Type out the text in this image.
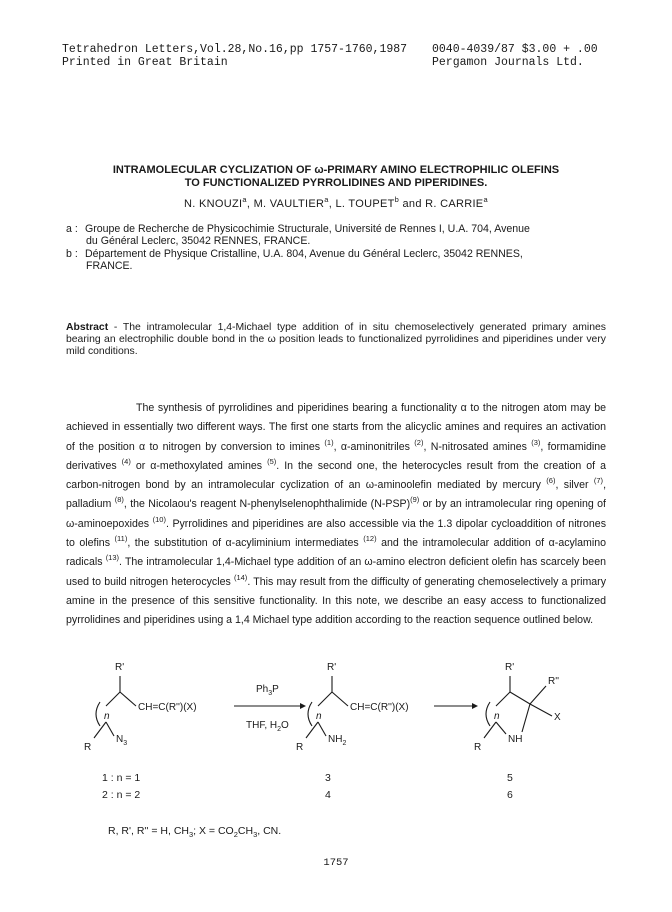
Tetrahedron Letters,Vol.28,No.16,pp 1757-1760,1987 0040-4039/87 $3.00 + .00
Printed in Great Britain	Pergamon Journals Ltd.
INTRAMOLECULAR CYCLIZATION OF ω-PRIMARY AMINO ELECTROPHILIC OLEFINS
TO FUNCTIONALIZED PYRROLIDINES AND PIPERIDINES.
N. KNOUZI$^a$, M. VAULTIER$^a$, L. TOUPET$^b$ and R. CARRIE$^a$
a : Groupe de Recherche de Physicochimie Structurale, Université de Rennes I, U.A. 704, Avenue
du Général Leclerc, 35042 RENNES, FRANCE.
b : Département de Physique Cristalline, U.A. 804, Avenue du Général Leclerc, 35042 RENNES,
FRANCE.
Abstract - The intramolecular 1,4-Michael type addition of in situ chemoselectively generated primary amines bearing an electrophilic double bond in the ω position leads to functionalized pyrrolidines and piperidines under very mild conditions.

The synthesis of pyrrolidines and piperidines bearing a functionality α to the nitrogen atom may be achieved in essentially two different ways. The first one starts from the alicyclic amines and requires an activation of the position α to nitrogen by conversion to imines $^{(1)}$, α-aminonitriles $^{(2)}$, N-nitrosated amines $^{(3)}$, formamidine derivatives $^{(4)}$ or α-methoxylated amines $^{(5)}$. In the second one, the heterocycles result from the creation of a carbon-nitrogen bond by an intramolecular cyclization of an ω-aminoolefin mediated by mercury $^{(6)}$, silver $^{(7)}$, palladium $^{(8)}$, the Nicolaou's reagent N-phenylselenophthalimide $(N-PSP)^{(9)}$ or by an intramolecular ring opening of ω-aminoepoxides $^{(10)}$. Pyrrolidines and piperidines are also accessible via the 1.3 dipolar cycloaddition of nitrones to olefins $^{(11)}$, the substitution of α-acyliminium intermediates $^{(12)}$ and the intramolecular addition of α-acylamino radicals $^{(13)}$. The intramolecular 1,4-Michael type addition of an ω-amino electron deficient olefin has scarcely been used to build nitrogen heterocycles $^{(14)}$. This may result from the difficulty of generating chemoselectively a primary amine in the presence of this sensitive functionality. In this note, we describe an easy access to functionalized pyrrolidines and piperidines using a 1,4 Michael type addition according to the reaction sequence outlined below.

R'
n
CH=C(R'')(X)
$N_3$
R
$Ph_3P$
THF, $H_2O$
R'
n
CH=C(R'')(X)
$NH_2$
R
R'
R''
n	X
NH
R
1 : n = 1	3	5
2 : n = 2	4	6
R, R', R'' = H, $CH_3$; $X = CO_2CH_3$, CN.
1757
